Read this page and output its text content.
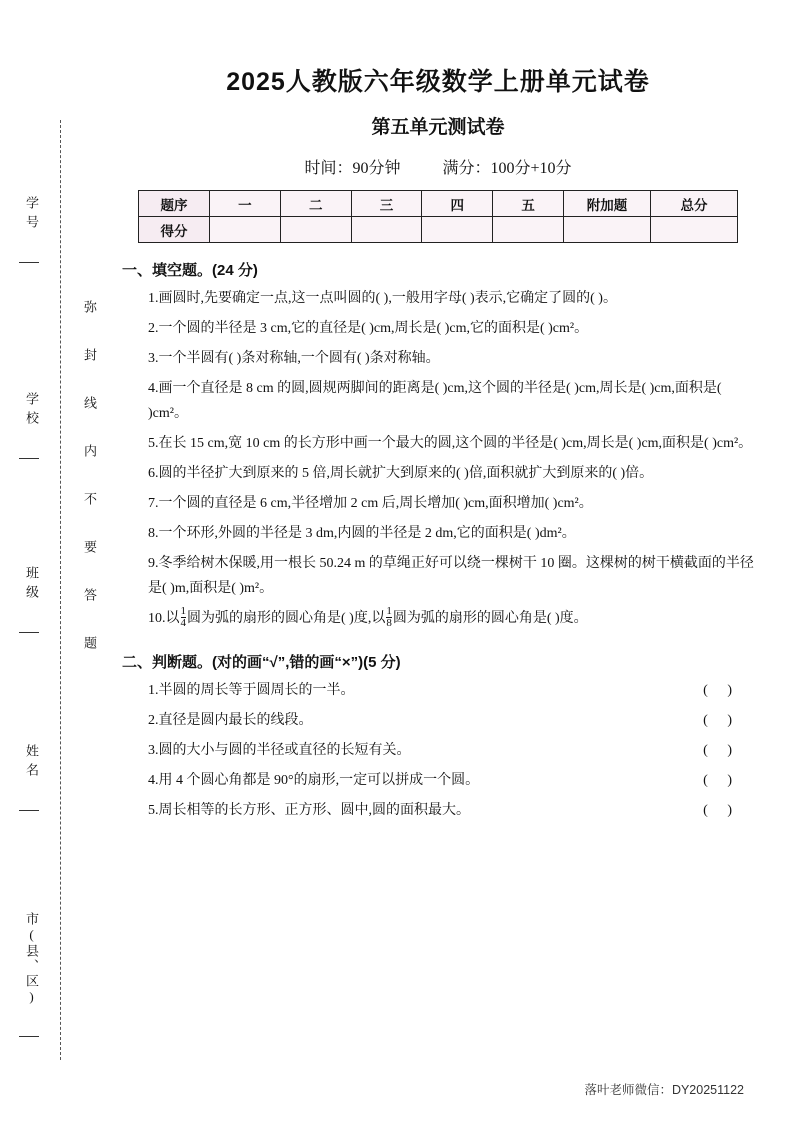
学号
学校
班级
姓名
市(县、区)
弥 封 线 内 不 要 答 题
2025人教版六年级数学上册单元试卷
第五单元测试卷
时间：90分钟	满分：100分+10分
题序	一	二	三	四	五	附加题	总分
得分							
一、填空题。(24 分)
1.画圆时,先要确定一点,这一点叫圆的( ),一般用字母( )表示,它确定了圆的( )。
2.一个圆的半径是 3 cm,它的直径是( )cm,周长是( )cm,它的面积是( )cm²。
3.一个半圆有( )条对称轴,一个圆有( )条对称轴。
4.画一个直径是 8 cm 的圆,圆规两脚间的距离是( )cm,这个圆的半径是( )cm,周长是( )cm,面积是( )cm²。
5.在长 15 cm,宽 10 cm 的长方形中画一个最大的圆,这个圆的半径是( )cm,周长是( )cm,面积是( )cm²。
6.圆的半径扩大到原来的 5 倍,周长就扩大到原来的( )倍,面积就扩大到原来的( )倍。
7.一个圆的直径是 6 cm,半径增加 2 cm 后,周长增加( )cm,面积增加( )cm²。
8.一个环形,外圆的半径是 3 dm,内圆的半径是 2 dm,它的面积是( )dm²。
9.冬季给树木保暖,用一根长 50.24 m 的草绳正好可以绕一棵树干 10 圈。这棵树的树干横截面的半径是( )m,面积是( )m²。
10.以 $\frac{1}{4}$ 圆为弧的扇形的圆心角是( )度,以 $\frac{1}{8}$ 圆为弧的扇形的圆心角是( )度。
二、判断题。(对的画“√”,错的画“×”)(5 分)
1.半圆的周长等于圆周长的一半。	( )
2.直径是圆内最长的线段。	( )
3.圆的大小与圆的半径或直径的长短有关。	( )
4.用 4 个圆心角都是 90°的扇形,一定可以拼成一个圆。	( )
5.周长相等的长方形、正方形、圆中,圆的面积最大。	( )
落叶老师微信：DY20251122
